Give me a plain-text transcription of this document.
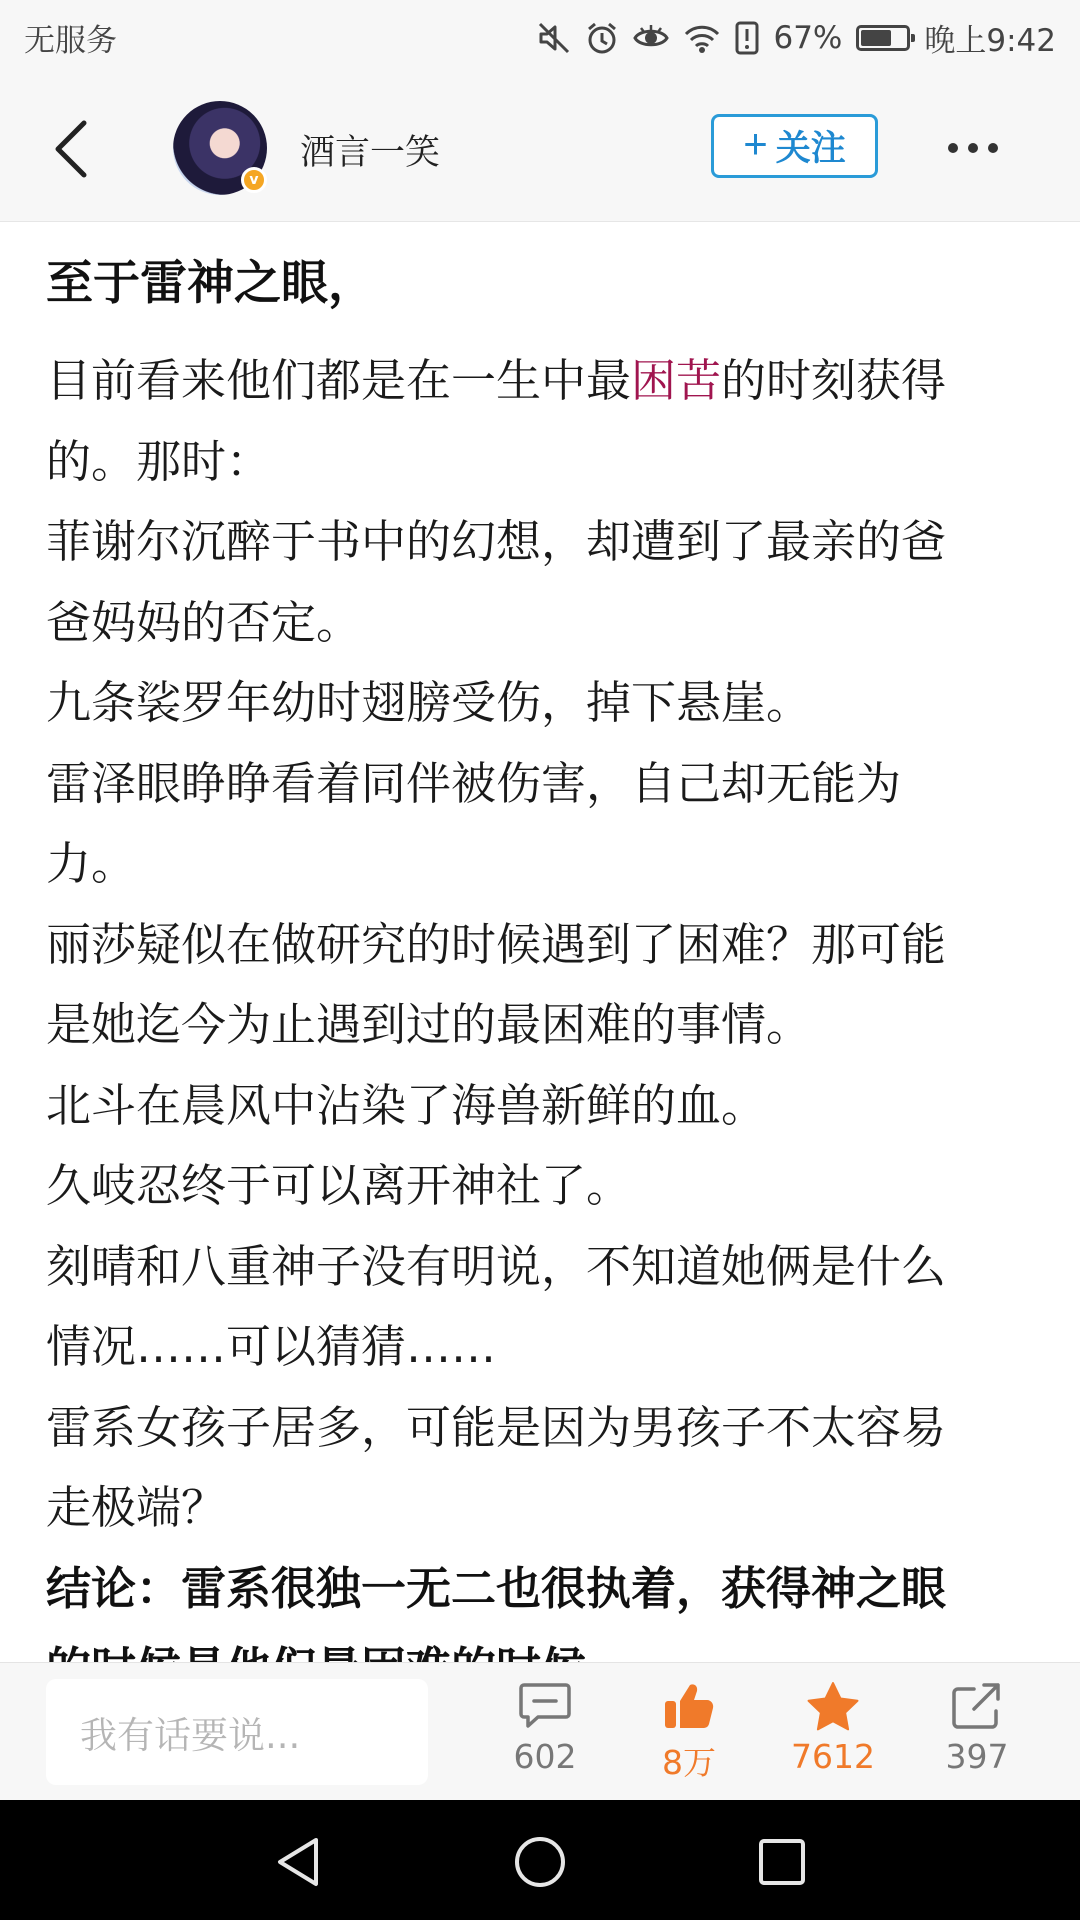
无服务	67%	晚上9:42
v
酒言一笑	+ 关注
至于雷神之眼，
目前看来他们都是在一生中最困苦的时刻获得
的。那时：
菲谢尔沉醉于书中的幻想，却遭到了最亲的爸
爸妈妈的否定。
九条裟罗年幼时翅膀受伤，掉下悬崖。
雷泽眼睁睁看着同伴被伤害，自己却无能为
力。
丽莎疑似在做研究的时候遇到了困难？那可能
是她迄今为止遇到过的最困难的事情。
北斗在晨风中沾染了海兽新鲜的血。
久岐忍终于可以离开神社了。
刻晴和八重神子没有明说，不知道她俩是什么
情况……可以猜猜……
雷系女孩子居多，可能是因为男孩子不太容易
走极端？
结论：雷系很独一无二也很执着，获得神之眼
我有话要说...	602	8万	7612	397
